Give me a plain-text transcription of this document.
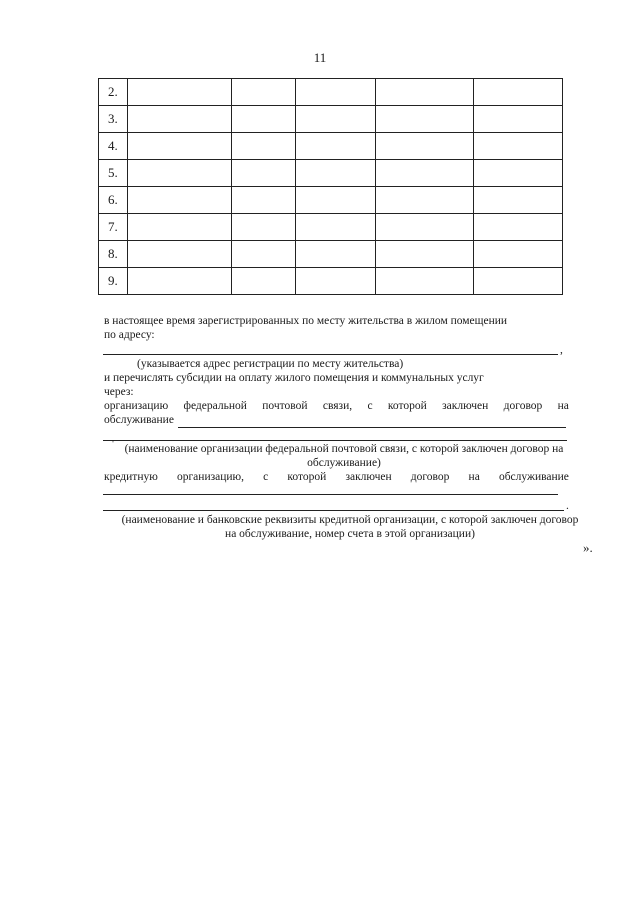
11
2.					
3.					
4.					
5.					
6.					
7.					
8.					
9.					
в настоящее время зарегистрированных по месту жительства в жилом помещении
по адресу:
,
(указывается адрес регистрации по месту жительства)
и перечислять субсидии на оплату жилого помещения и коммунальных услуг
через:
организацию федеральной почтовой связи, с которой заключен договор на
обслуживание
' (наименование организации федеральной почтовой связи, с которой заключен договор на
обслуживание)
кредитную организацию, с которой заключен договор на обслуживание
.
(наименование и банковские реквизиты кредитной организации, с которой заключен договор
на обслуживание, номер счета в этой организации)
».
